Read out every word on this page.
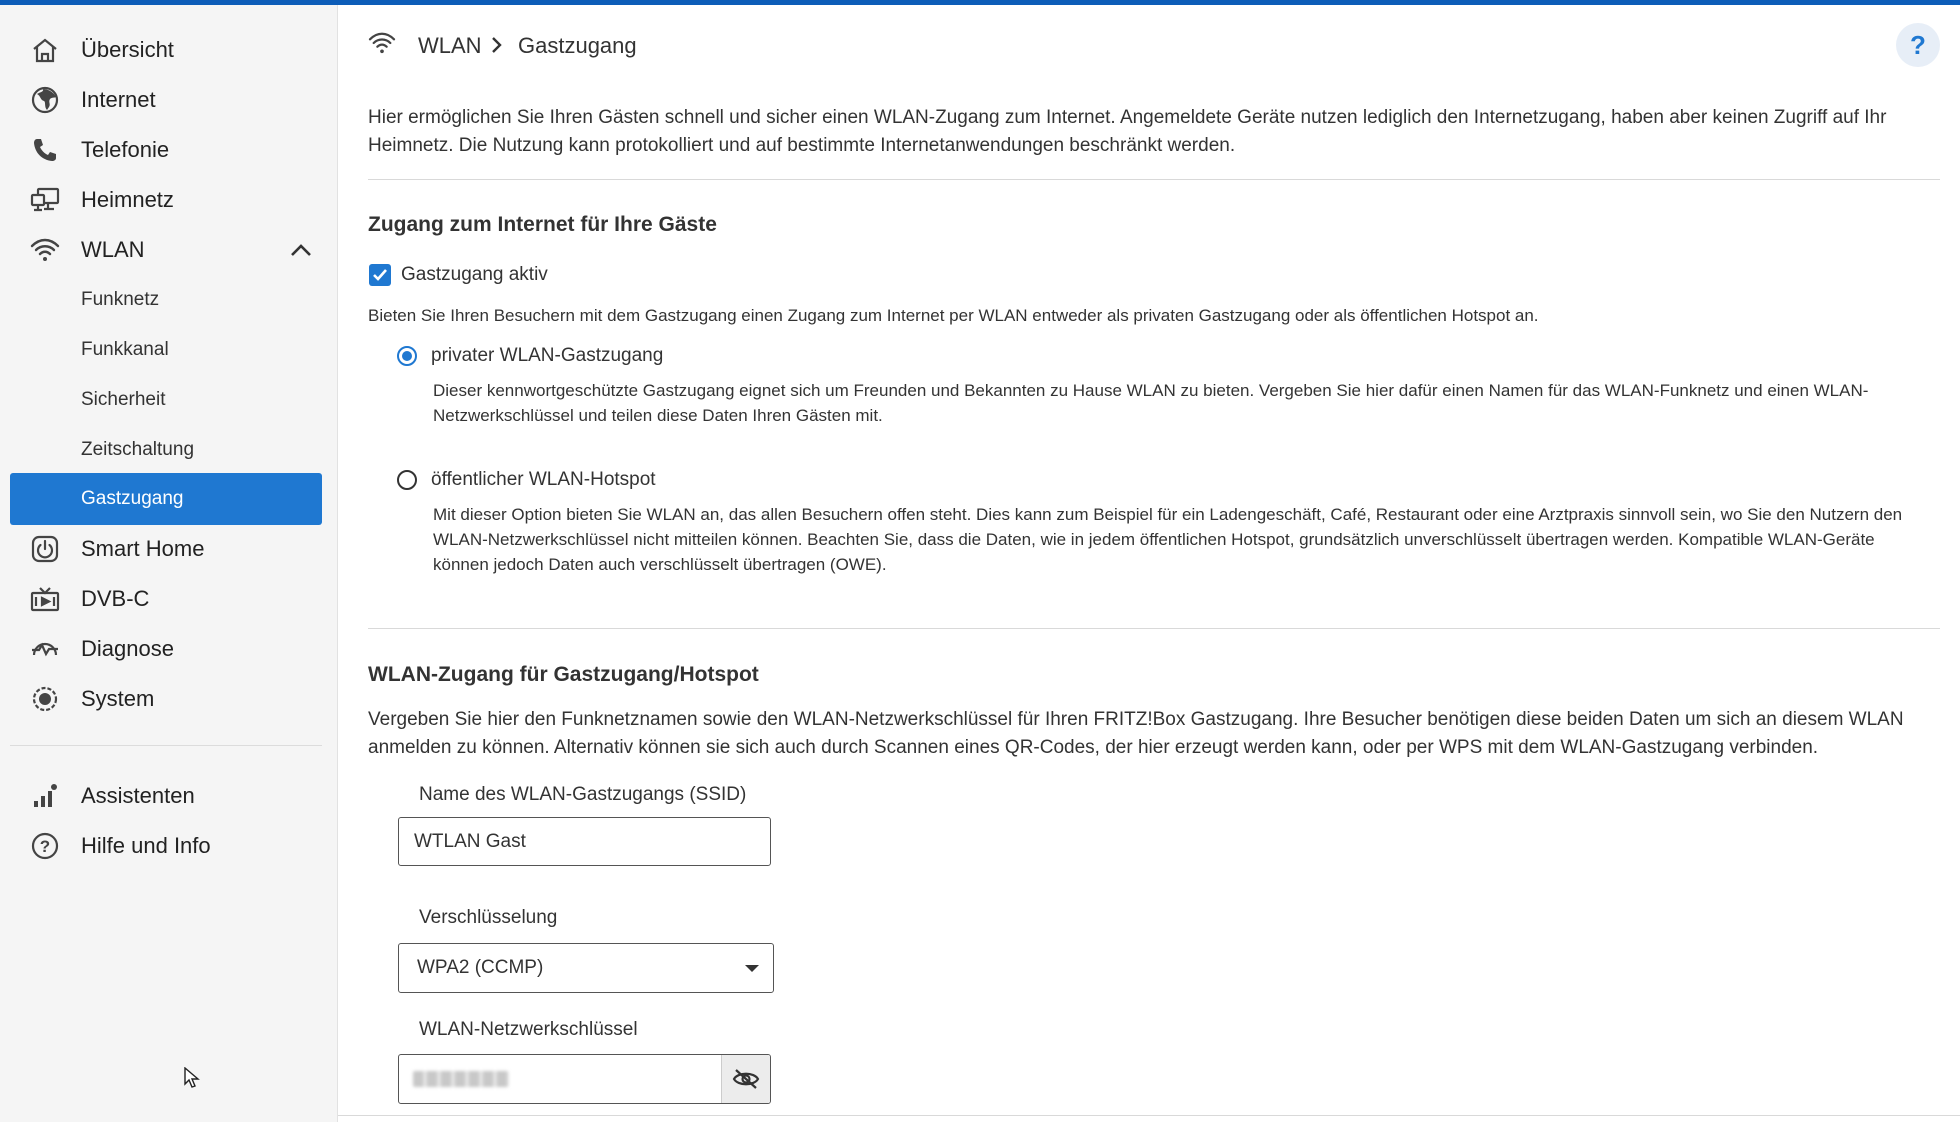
Übersicht
Internet
Telefonie
Heimnetz
WLAN
Funknetz
Funkkanal
Sicherheit
Zeitschaltung
Gastzugang
Smart Home
DVB-C
Diagnose
System
Assistenten
? Hilfe und Info
WLAN Gastzugang	?

Hier ermöglichen Sie Ihren Gästen schnell und sicher einen WLAN-Zugang zum Internet. Angemeldete Geräte nutzen lediglich den Internetzugang, haben aber keinen Zugriff auf Ihr Heimnetz. Die Nutzung kann protokolliert und auf bestimmte Internetanwendungen beschränkt werden.

Zugang zum Internet für Ihre Gäste
Gastzugang aktiv
Bieten Sie Ihren Besuchern mit dem Gastzugang einen Zugang zum Internet per WLAN entweder als privaten Gastzugang oder als öffentlichen Hotspot an.
privater WLAN-Gastzugang
Dieser kennwortgeschützte Gastzugang eignet sich um Freunden und Bekannten zu Hause WLAN zu bieten. Vergeben Sie hier dafür einen Namen für das WLAN-Funknetz und einen WLAN-Netzwerkschlüssel und teilen diese Daten Ihren Gästen mit.
öffentlicher WLAN-Hotspot
Mit dieser Option bieten Sie WLAN an, das allen Besuchern offen steht. Dies kann zum Beispiel für ein Ladengeschäft, Café, Restaurant oder eine Arztpraxis sinnvoll sein, wo Sie den Nutzern den WLAN-Netzwerkschlüssel nicht mitteilen können. Beachten Sie, dass die Daten, wie in jedem öffentlichen Hotspot, grundsätzlich unverschlüsselt übertragen werden. Kompatible WLAN-Geräte können jedoch Daten auch verschlüsselt übertragen (OWE).
WLAN-Zugang für Gastzugang/Hotspot

Vergeben Sie hier den Funknetznamen sowie den WLAN-Netzwerkschlüssel für Ihren FRITZ!Box Gastzugang. Ihre Besucher benötigen diese beiden Daten um sich an diesem WLAN anmelden zu können. Alternativ können sie sich auch durch Scannen eines QR-Codes, der hier erzeugt werden kann, oder per WPS mit dem WLAN-Gastzugang verbinden.

Name des WLAN-Gastzugangs (SSID)
WTLAN Gast
Verschlüsselung
WPA2 (CCMP)
WLAN-Netzwerkschlüssel
